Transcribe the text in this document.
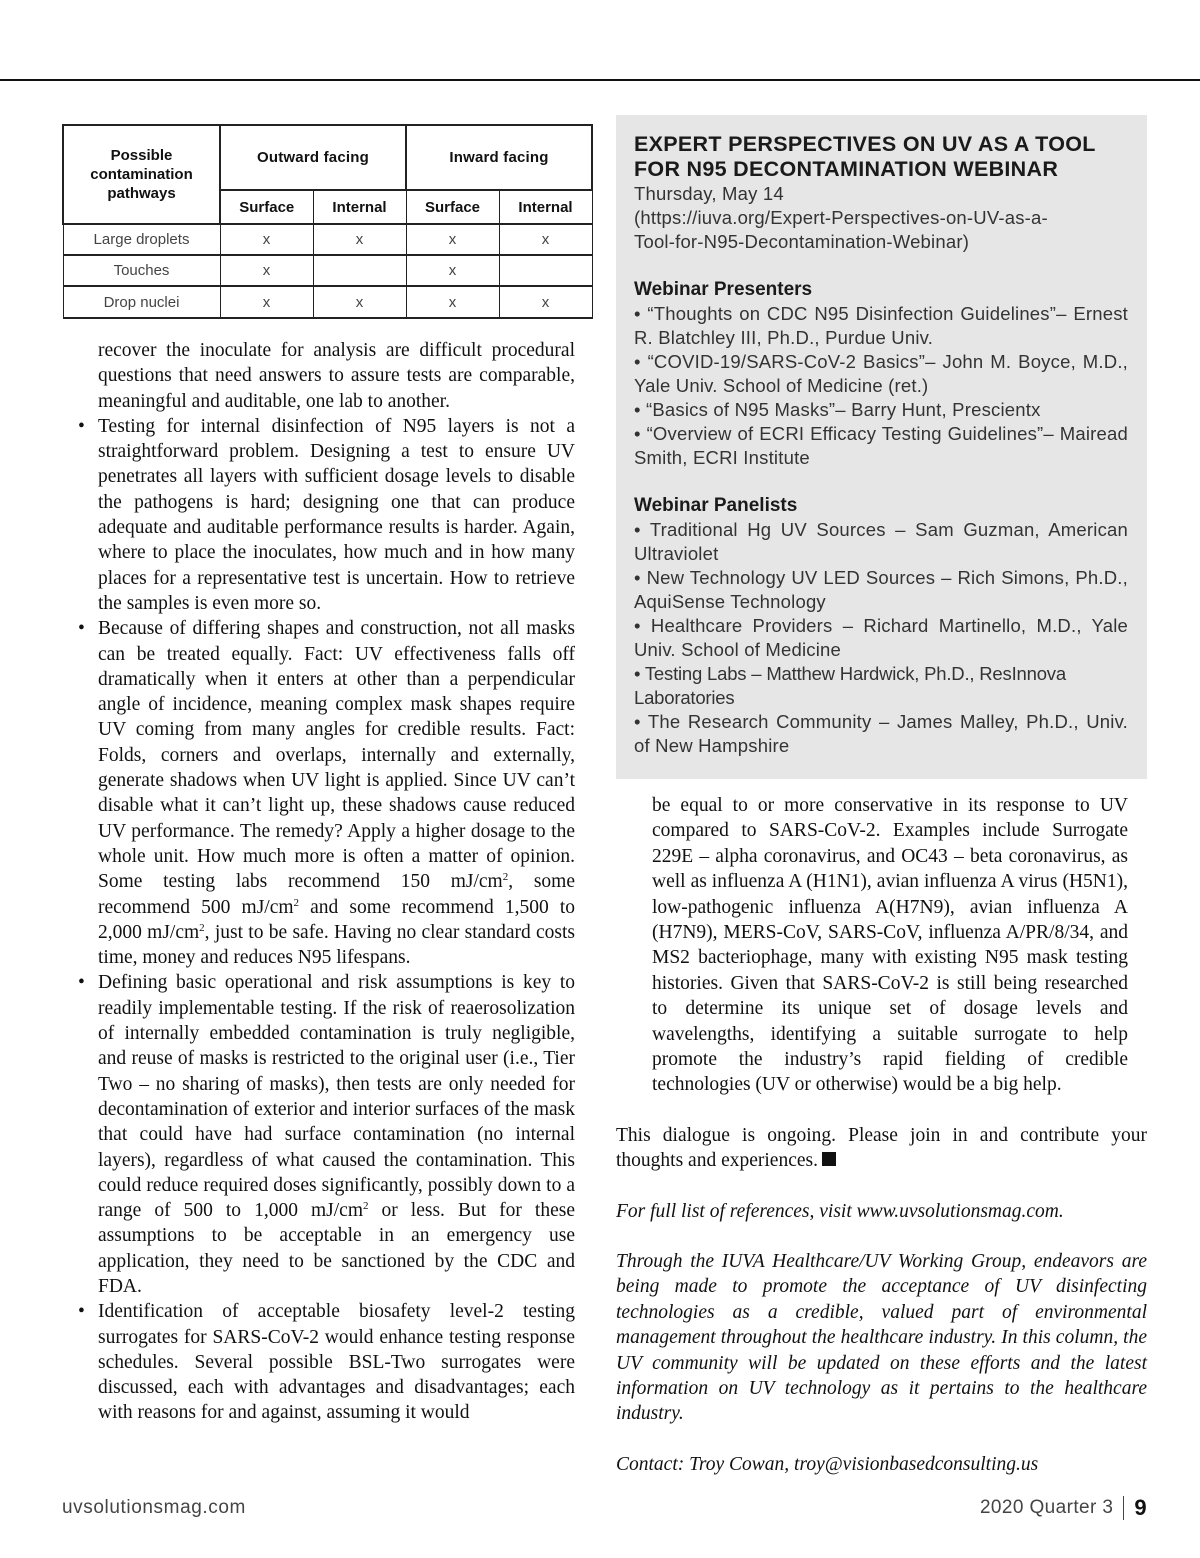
Possible contamination pathways	Outward facing		Inward facing	
	Surface	Internal	Surface	Internal
Large droplets	x	x	x	x
Touches	x		x	
Drop nuclei	x	x	x	x

recover the inoculate for analysis are difficult procedural questions that need answers to assure tests are comparable, meaningful and auditable, one lab to another.

• Testing for internal disinfection of N95 layers is not a straightforward problem. Designing a test to ensure UV penetrates all layers with sufficient dosage levels to disable the pathogens is hard; designing one that can produce adequate and auditable performance results is harder. Again, where to place the inoculates, how much and in how many places for a representative test is uncertain. How to retrieve the samples is even more so.
• Because of differing shapes and construction, not all masks can be treated equally. Fact: UV effectiveness falls off dramatically when it enters at other than a perpendicular angle of incidence, meaning complex mask shapes require UV coming from many angles for credible results. Fact: Folds, corners and overlaps, internally and externally, generate shadows when UV light is applied. Since UV can’t disable what it can’t light up, these shadows cause reduced UV performance. The remedy? Apply a higher dosage to the whole unit. How much more is often a matter of opinion. Some testing labs recommend 150 $mJ/cm^2$, some recommend 500 $mJ/cm^2$ and some recommend 1,500 to 2,000 $mJ/cm^2$, just to be safe. Having no clear standard costs time, money and reduces N95 lifespans.
• Defining basic operational and risk assumptions is key to readily implementable testing. If the risk of reaerosolization of internally embedded contamination is truly negligible, and reuse of masks is restricted to the original user (i.e., Tier Two – no sharing of masks), then tests are only needed for decontamination of exterior and interior surfaces of the mask that could have had surface contamination (no internal layers), regardless of what caused the contamination. This could reduce required doses significantly, possibly down to a range of 500 to 1,000 $mJ/cm^2$ or less. But for these assumptions to be acceptable in an emergency use application, they need to be sanctioned by the CDC and FDA.
• Identification of acceptable biosafety level-2 testing surrogates for SARS-CoV-2 would enhance testing response schedules. Several possible BSL-Two surrogates were discussed, each with advantages and disadvantages; each with reasons for and against, assuming it would

EXPERT PERSPECTIVES ON UV AS A TOOL

FOR N95 DECONTAMINATION WEBINAR

Thursday, May 14

(https://iuva.org/Expert-Perspectives-on-UV-as-a-

Tool-for-N95-Decontamination-Webinar)

Webinar Presenters

• “Thoughts on CDC N95 Disinfection Guidelines”– Ernest R. Blatchley III, Ph.D., Purdue Univ.

• “COVID-19/SARS-CoV-2 Basics”– John M. Boyce, M.D., Yale Univ. School of Medicine (ret.)

• “Basics of N95 Masks”– Barry Hunt, Prescientx

• “Overview of ECRI Efficacy Testing Guidelines”– Mairead Smith, ECRI Institute

Webinar Panelists

• Traditional Hg UV Sources – Sam Guzman, American Ultraviolet

• New Technology UV LED Sources – Rich Simons, Ph.D., AquiSense Technology

• Healthcare Providers – Richard Martinello, M.D., Yale Univ. School of Medicine

• Testing Labs – Matthew Hardwick, Ph.D., ResInnova Laboratories

• The Research Community – James Malley, Ph.D., Univ. of New Hampshire

be equal to or more conservative in its response to UV compared to SARS-CoV-2. Examples include Surrogate 229E – alpha coronavirus, and OC43 – beta coronavirus, as well as influenza A (H1N1), avian influenza A virus (H5N1), low-pathogenic influenza A(H7N9), avian influenza A (H7N9), MERS-CoV, SARS-CoV, influenza A/PR/8/34, and MS2 bacteriophage, many with existing N95 mask testing histories. Given that SARS-CoV-2 is still being researched to determine its unique set of dosage levels and wavelengths, identifying a suitable surrogate to help promote the industry’s rapid fielding of credible technologies (UV or otherwise) would be a big help.

This dialogue is ongoing. Please join in and contribute your thoughts and experiences.

For full list of references, visit www.uvsolutionsmag.com.

Through the IUVA Healthcare/UV Working Group, endeavors are being made to promote the acceptance of UV disinfecting technologies as a credible, valued part of environmental management throughout the healthcare industry. In this column, the UV community will be updated on these efforts and the latest information on UV technology as it pertains to the healthcare industry.

Contact: Troy Cowan, troy@visionbasedconsulting.us

uvsolutionsmag.com	2020 Quarter 3 9
